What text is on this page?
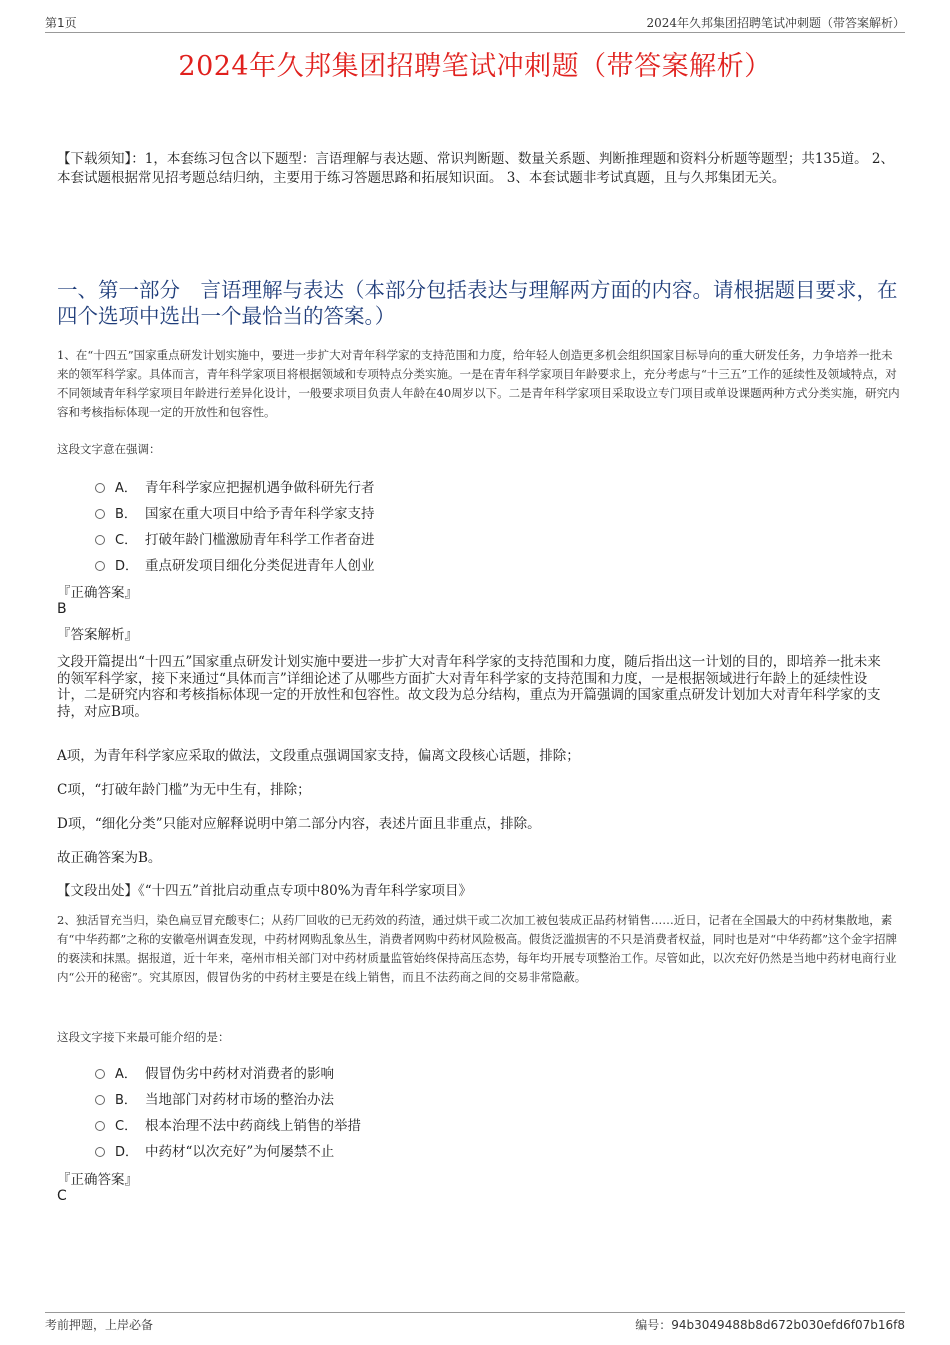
第1页	2024年久邦集团招聘笔试冲刺题（带答案解析）
2024年久邦集团招聘笔试冲刺题（带答案解析）
【下载须知】：1，本套练习包含以下题型：言语理解与表达题、常识判断题、数量关系题、判断推理题和资料分析题等题型；共135道。 2、本套试题根据常见招考题总结归纳，主要用于练习答题思路和拓展知识面。 3、本套试题非考试真题，且与久邦集团无关。
一、第一部分　言语理解与表达（本部分包括表达与理解两方面的内容。请根据题目要求，在四个选项中选出一个最恰当的答案。）
1、在“十四五”国家重点研发计划实施中，要进一步扩大对青年科学家的支持范围和力度，给年轻人创造更多机会组织国家目标导向的重大研发任务，力争培养一批未来的领军科学家。具体而言，青年科学家项目将根据领域和专项特点分类实施。一是在青年科学家项目年龄要求上，充分考虑与“十三五”工作的延续性及领域特点，对不同领域青年科学家项目年龄进行差异化设计，一般要求项目负责人年龄在40周岁以下。二是青年科学家项目采取设立专门项目或单设课题两种方式分类实施，研究内容和考核指标体现一定的开放性和包容性。
这段文字意在强调：
A． 青年科学家应把握机遇争做科研先行者
B． 国家在重大项目中给予青年科学家支持
C． 打破年龄门槛激励青年科学工作者奋进
D． 重点研发项目细化分类促进青年人创业
『正确答案』
B
『答案解析』
文段开篇提出“十四五”国家重点研发计划实施中要进一步扩大对青年科学家的支持范围和力度，随后指出这一计划的目的，即培养一批未来的领军科学家，接下来通过“具体而言”详细论述了从哪些方面扩大对青年科学家的支持范围和力度，一是根据领域进行年龄上的延续性设计，二是研究内容和考核指标体现一定的开放性和包容性。故文段为总分结构，重点为开篇强调的国家重点研发计划加大对青年科学家的支持，对应B项。
A项，为青年科学家应采取的做法，文段重点强调国家支持，偏离文段核心话题，排除；
C项，“打破年龄门槛”为无中生有，排除；
D项，“细化分类”只能对应解释说明中第二部分内容，表述片面且非重点，排除。
故正确答案为B。
【文段出处】《“十四五”首批启动重点专项中80%为青年科学家项目》
2、独活冒充当归，染色扁豆冒充酸枣仁；从药厂回收的已无药效的药渣，通过烘干或二次加工被包装成正品药材销售……近日，记者在全国最大的中药材集散地，素有“中华药都”之称的安徽亳州调查发现，中药材网购乱象丛生，消费者网购中药材风险极高。假货泛滥损害的不只是消费者权益，同时也是对“中华药都”这个金字招牌的亵渎和抹黑。据报道，近十年来，亳州市相关部门对中药材质量监管始终保持高压态势，每年均开展专项整治工作。尽管如此，以次充好仍然是当地中药材电商行业内“公开的秘密”。究其原因，假冒伪劣的中药材主要是在线上销售，而且不法药商之间的交易非常隐蔽。
这段文字接下来最可能介绍的是：
A． 假冒伪劣中药材对消费者的影响
B． 当地部门对药材市场的整治办法
C． 根本治理不法中药商线上销售的举措
D． 中药材“以次充好”为何屡禁不止
『正确答案』
C
考前押题，上岸必备	编号：94b3049488b8d672b030efd6f07b16f8
